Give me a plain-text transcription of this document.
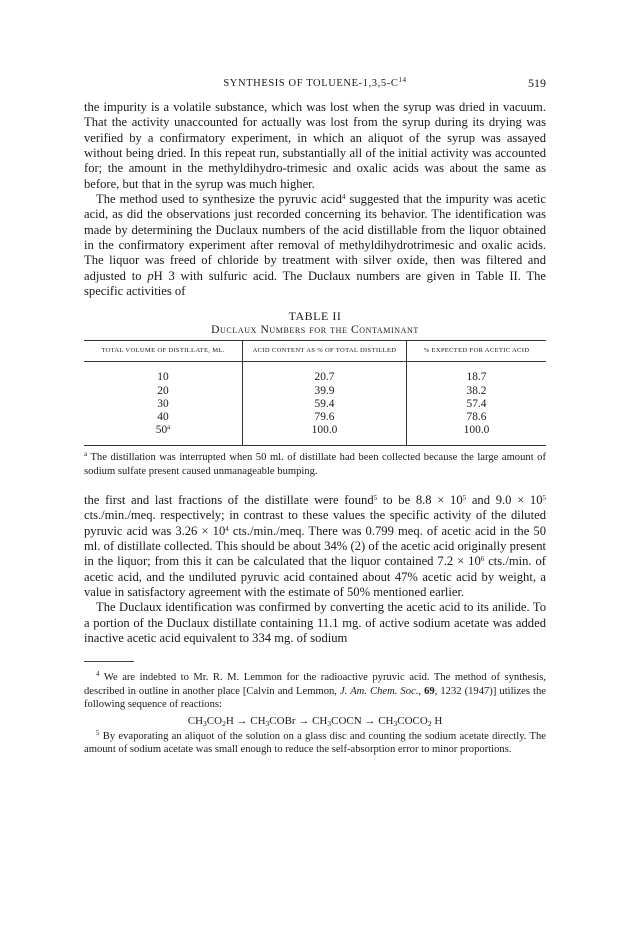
SYNTHESIS OF TOLUENE-$1,3,5-C^{14}$	519

the impurity is a volatile substance, which was lost when the syrup was dried in vacuum. That the activity unaccounted for actually was lost from the syrup during its drying was verified by a confirmatory experiment, in which an aliquot of the syrup was assayed without being dried. In this repeat run, substantially all of the initial activity was accounted for; the amount in the methyldihydro-trimesic and oxalic acids was about the same as before, but that in the syrup was much higher.

The method used to synthesize the pyruvic acid$^4$ suggested that the impurity was acetic acid, as did the observations just recorded concerning its behavior. The identification was made by determining the Duclaux numbers of the acid distillable from the liquor obtained in the confirmatory experiment after removal of methyldihydrotrimesic and oxalic acids. The liquor was freed of chloride by treatment with silver oxide, then was filtered and adjusted to pH 3 with sulfuric acid. The Duclaux numbers are given in Table II. The specific activities of

TABLE II
Duclaux Numbers for the Contaminant
TOTAL VOLUME OF DISTILLATE, ML.	ACID CONTENT AS % OF TOTAL DISTILLED	% EXPECTED FOR ACETIC ACID
10	20.7	18.7
20	39.9	38.2
30	59.4	57.4
40	79.6	78.6
50$^a$	100.0	100.0
$^a$ The distillation was interrupted when 50 ml. of distillate had been collected because the large amount of sodium sulfate present caused unmanageable bumping.

the first and last fractions of the distillate were found$^5$ to be $8.8 \times 10^5$ and $9.0 \times 10^5$ cts./min./meq. respectively; in contrast to these values the specific activity of the diluted pyruvic acid was $3.26 \times 10^4$ cts./min./meq. There was 0.799 meq. of acetic acid in the 50 ml. of distillate collected. This should be about 34% (2) of the acetic acid originally present in the liquor; from this it can be calculated that the liquor contained $7.2 \times 10^6$ cts./min. of acetic acid, and the undiluted pyruvic acid contained about 47% acetic acid by weight, a value in satisfactory agreement with the estimate of 50% mentioned earlier.

The Duclaux identification was confirmed by converting the acetic acid to its anilide. To a portion of the Duclaux distillate containing 11.1 mg. of active sodium acetate was added inactive acetic acid equivalent to 334 mg. of sodium

$^4$ We are indebted to Mr. R. M. Lemmon for the radioactive pyruvic acid. The method of synthesis, described in outline in another place [Calvin and Lemmon, J. Am. Chem. Soc., 69, 1232 (1947)] utilizes the following sequence of reactions:

$CH_3CO_2H$ → $CH_3COBr$ → $CH_3COCN$ → $CH_3COCO_2$ H

$^5$ By evaporating an aliquot of the solution on a glass disc and counting the sodium acetate directly. The amount of sodium acetate was small enough to reduce the self-absorption error to minor proportions.
